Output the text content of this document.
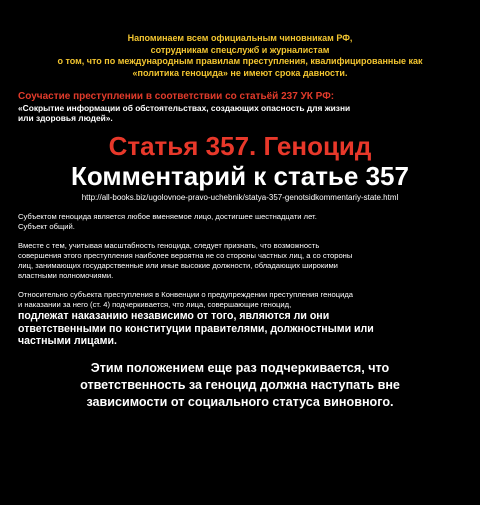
Напоминаем всем официальным чиновникам РФ,
сотрудникам спецслужб и журналистам
о том, что по международным правилам преступления, квалифицированные как
«политика геноцида» не имеют срока давности.
Соучастие преступлении в соответствии со статьёй 237 УК РФ:
«Сокрытие информации об обстоятельствах, создающих опасность для жизни
или здоровья людей».
Статья 357. Геноцид
Комментарий к статье 357
http://all-books.biz/ugolovnoe-pravo-uchebnik/statya-357-genotsidkommentariy-state.html
Субъектом геноцида является любое вменяемое лицо, достигшее шестнадцати лет.
Субъект общий.
Вместе с тем, учитывая масштабность геноцида, следует признать, что возможность
совершения этого преступления наиболее вероятна не со стороны частных лиц, а со стороны
лиц, занимающих государственные или иные высокие должности, обладающих широкими
властными полномочиями.
Относительно субъекта преступления в Конвенции о предупреждении преступления геноцида
и наказании за него (ст. 4) подчеркивается, что лица, совершающие геноцид,
подлежат наказанию независимо от того, являются ли они
ответственными по конституции правителями, должностными или
частными лицами.
Этим положением еще раз подчеркивается, что
ответственность за геноцид должна наступать вне
зависимости от социального статуса виновного.
